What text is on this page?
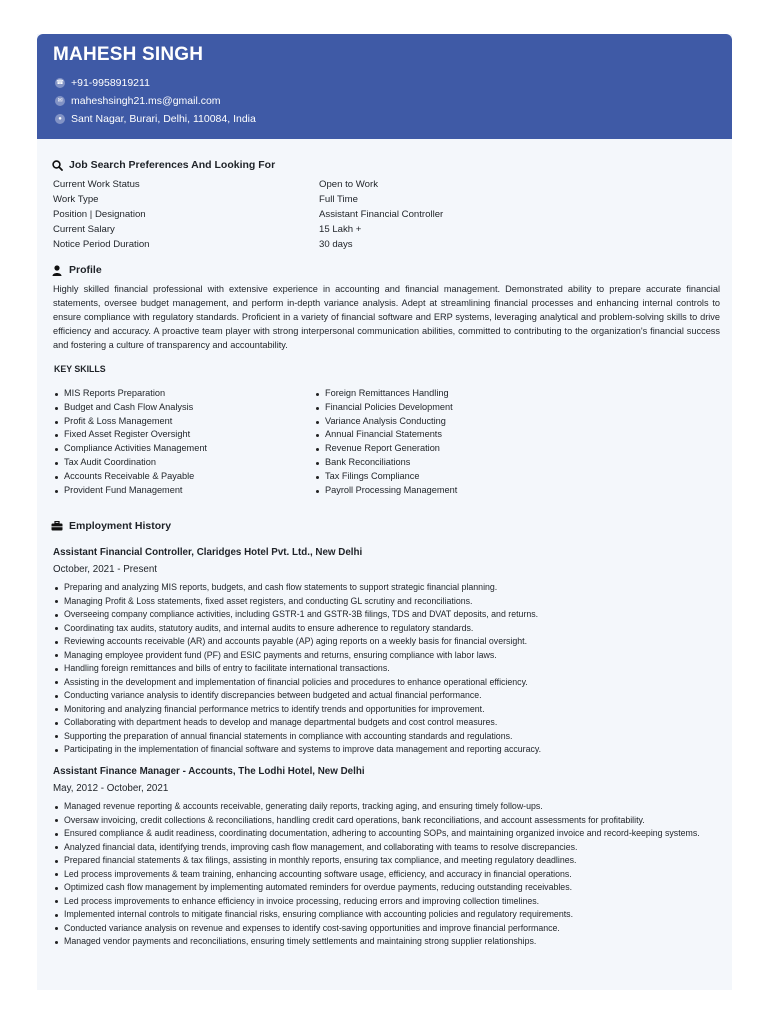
MAHESH SINGH
☎ +91-9958919211
✉ maheshsingh21.ms@gmail.com
● Sant Nagar, Burari, Delhi, 110084, India
Job Search Preferences And Looking For
Current Work Status
Work Type
Position | Designation
Current Salary
Notice Period Duration
Open to Work
Full Time
Assistant Financial Controller
15 Lakh +
30 days
Profile

Highly skilled financial professional with extensive experience in accounting and financial management. Demonstrated ability to prepare accurate financial statements, oversee budget management, and perform in-depth variance analysis. Adept at streamlining financial processes and enhancing internal controls to ensure compliance with regulatory standards. Proficient in a variety of financial software and ERP systems, leveraging analytical and problem-solving skills to drive efficiency and accuracy. A proactive team player with strong interpersonal communication abilities, committed to contributing to the organization's financial success and fostering a culture of transparency and accountability.

KEY SKILLS
MIS Reports Preparation
Budget and Cash Flow Analysis
Profit & Loss Management
Fixed Asset Register Oversight
Compliance Activities Management
Tax Audit Coordination
Accounts Receivable & Payable
Provident Fund Management
Foreign Remittances Handling
Financial Policies Development
Variance Analysis Conducting
Annual Financial Statements
Revenue Report Generation
Bank Reconciliations
Tax Filings Compliance
Payroll Processing Management
Employment History
Assistant Financial Controller, Claridges Hotel Pvt. Ltd., New Delhi
October, 2021 - Present
Preparing and analyzing MIS reports, budgets, and cash flow statements to support strategic financial planning.
Managing Profit & Loss statements, fixed asset registers, and conducting GL scrutiny and reconciliations.
Overseeing company compliance activities, including GSTR-1 and GSTR-3B filings, TDS and DVAT deposits, and returns.
Coordinating tax audits, statutory audits, and internal audits to ensure adherence to regulatory standards.
Reviewing accounts receivable (AR) and accounts payable (AP) aging reports on a weekly basis for financial oversight.
Managing employee provident fund (PF) and ESIC payments and returns, ensuring compliance with labor laws.
Handling foreign remittances and bills of entry to facilitate international transactions.
Assisting in the development and implementation of financial policies and procedures to enhance operational efficiency.
Conducting variance analysis to identify discrepancies between budgeted and actual financial performance.
Monitoring and analyzing financial performance metrics to identify trends and opportunities for improvement.
Collaborating with department heads to develop and manage departmental budgets and cost control measures.
Supporting the preparation of annual financial statements in compliance with accounting standards and regulations.
Participating in the implementation of financial software and systems to improve data management and reporting accuracy.
Assistant Finance Manager - Accounts, The Lodhi Hotel, New Delhi
May, 2012 - October, 2021
Managed revenue reporting & accounts receivable, generating daily reports, tracking aging, and ensuring timely follow-ups.
Oversaw invoicing, credit collections & reconciliations, handling credit card operations, bank reconciliations, and account assessments for profitability.
Ensured compliance & audit readiness, coordinating documentation, adhering to accounting SOPs, and maintaining organized invoice and record-keeping systems.
Analyzed financial data, identifying trends, improving cash flow management, and collaborating with teams to resolve discrepancies.
Prepared financial statements & tax filings, assisting in monthly reports, ensuring tax compliance, and meeting regulatory deadlines.
Led process improvements & team training, enhancing accounting software usage, efficiency, and accuracy in financial operations.
Optimized cash flow management by implementing automated reminders for overdue payments, reducing outstanding receivables.
Led process improvements to enhance efficiency in invoice processing, reducing errors and improving collection timelines.
Implemented internal controls to mitigate financial risks, ensuring compliance with accounting policies and regulatory requirements.
Conducted variance analysis on revenue and expenses to identify cost-saving opportunities and improve financial performance.
Managed vendor payments and reconciliations, ensuring timely settlements and maintaining strong supplier relationships.
